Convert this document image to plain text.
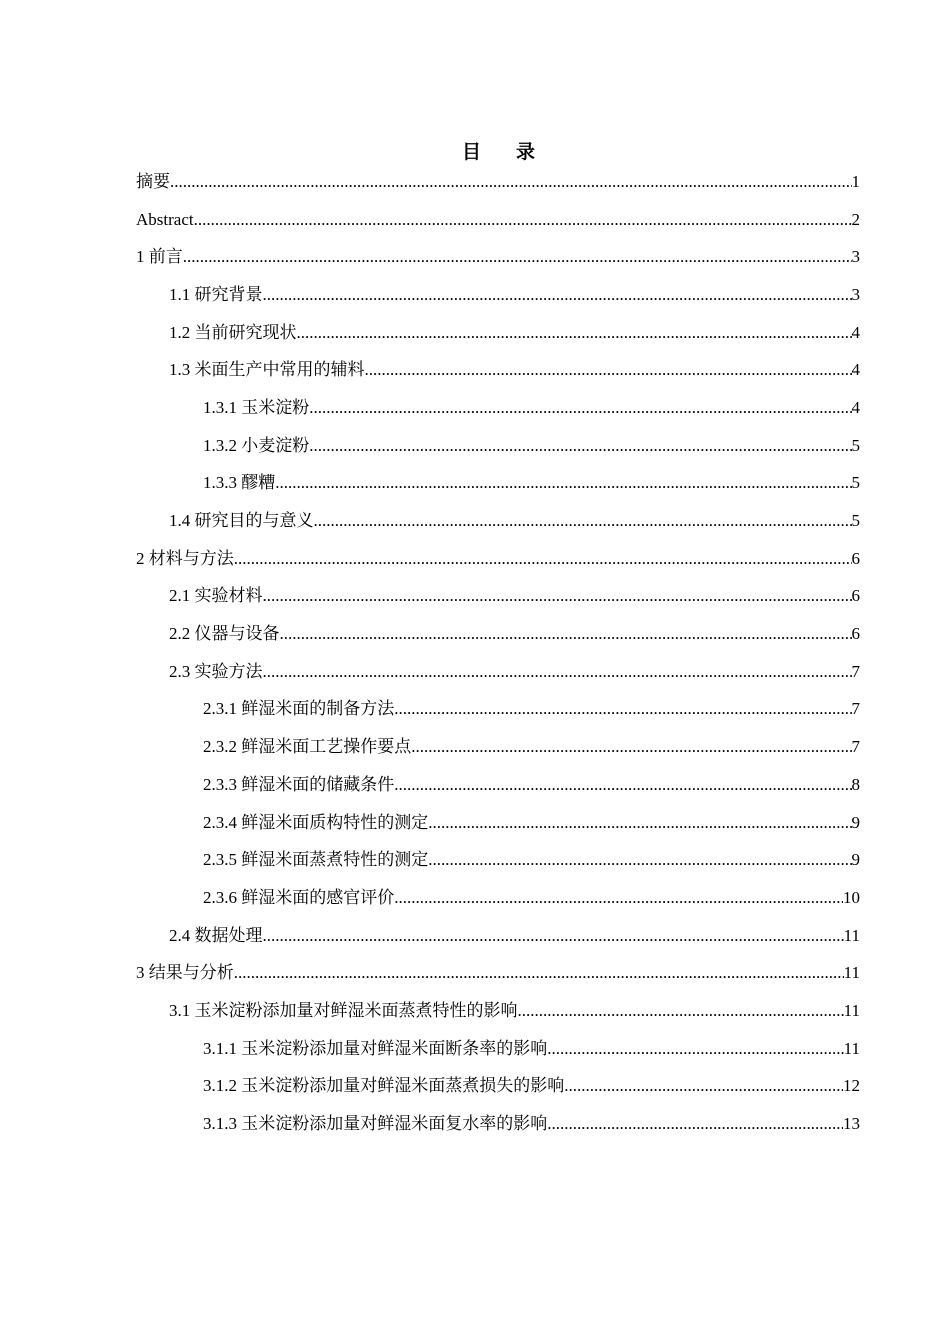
目 录
摘要 .....	1
Abstract .....	2
1 前言 .....	3
1.1 研究背景 .....	3
1.2 当前研究现状 .....	4
1.3 米面生产中常用的辅料 .....	4
1.3.1 玉米淀粉 .....	4
1.3.2 小麦淀粉 .....	5
1.3.3 醪糟 .....	5
1.4 研究目的与意义 .....	5
2 材料与方法 .....	6
2.1 实验材料 .....	6
2.2 仪器与设备 .....	6
2.3 实验方法 .....	7
2.3.1 鲜湿米面的制备方法 .....	7
2.3.2 鲜湿米面工艺操作要点 .....	7
2.3.3 鲜湿米面的储藏条件 .....	8
2.3.4 鲜湿米面质构特性的测定 .....	9
2.3.5 鲜湿米面蒸煮特性的测定 .....	9
2.3.6 鲜湿米面的感官评价 .....	10
2.4 数据处理 .....	11
3 结果与分析 .....	11
3.1 玉米淀粉添加量对鲜湿米面蒸煮特性的影响 .....	11
3.1.1 玉米淀粉添加量对鲜湿米面断条率的影响 .....	11
3.1.2 玉米淀粉添加量对鲜湿米面蒸煮损失的影响 .....	12
3.1.3 玉米淀粉添加量对鲜湿米面复水率的影响 .....	13
